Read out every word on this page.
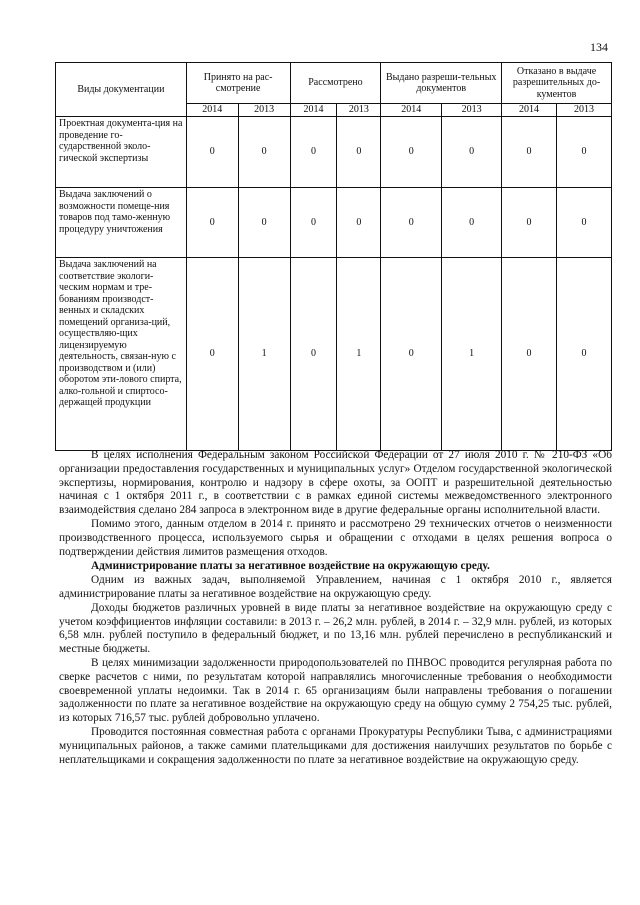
134
Виды документации	Принято на рас-смотрение		Рассмотрено		Выдано разреши-тельных документов		Отказано в выдаче разрешительных до-кументов	
	2014	2013	2014	2013	2014	2013	2014	2013
Проектная документа-ция на проведение го-сударственной эколо-гической экспертизы	0	0	0	0	0	0	0	0
Выдача заключений о возможности помеще-ния товаров под тамо-женную процедуру уничтожения	0	0	0	0	0	0	0	0
Выдача заключений на соответствие экологи-ческим нормам и тре-бованиям производст-венных и складских помещений организа-ций, осуществляю-щих лицензируемую деятельность, связан-ную с производством и (или) оборотом эти-лового спирта, алко-гольной и спиртосо-держащей продукции	0	1	0	1	0	1	0	0

В целях исполнения Федеральным законом Российской Федерации от 27 июля 2010 г. № 210-ФЗ «Об организации предоставления государственных и муниципальных услуг» Отделом государственной экологической экспертизы, нормирования, контролю и надзору в сфере охоты, за ООПТ и разрешительной деятельностью начиная с 1 октября 2011 г., в соответствии с в рамках единой системы межведомственного электронного взаимодействия сделано 284 запроса в электронном виде в другие федеральные органы исполнительной власти.

Помимо этого, данным отделом в 2014 г. принято и рассмотрено 29 технических отчетов о неизменности производственного процесса, используемого сырья и обращении с отходами в целях решения вопроса о подтверждении действия лимитов размещения отходов.

Администрирование платы за негативное воздействие на окружающую среду.

Одним из важных задач, выполняемой Управлением, начиная с 1 октября 2010 г., является администрирование платы за негативное воздействие на окружающую среду.

Доходы бюджетов различных уровней в виде платы за негативное воздействие на окружающую среду с учетом коэффициентов инфляции составили: в 2013 г. – 26,2 млн. рублей, в 2014 г. – 32,9 млн. рублей, из которых 6,58 млн. рублей поступило в федеральный бюджет, и по 13,16 млн. рублей перечислено в республиканский и местные бюджеты.

В целях минимизации задолженности природопользователей по ПНВОС проводится регулярная работа по сверке расчетов с ними, по результатам которой направлялись многочисленные требования о необходимости своевременной уплаты недоимки. Так в 2014 г. 65 организациям были направлены требования о погашении задолженности по плате за негативное воздействие на окружающую среду на общую сумму 2 754,25 тыс. рублей, из которых 716,57 тыс. рублей добровольно уплачено.

Проводится постоянная совместная работа с органами Прокуратуры Республики Тыва, с администрациями муниципальных районов, а также самими плательщиками для достижения наилучших результатов по борьбе с неплательщиками и сокращения задолженности по плате за негативное воздействие на окружающую среду.
